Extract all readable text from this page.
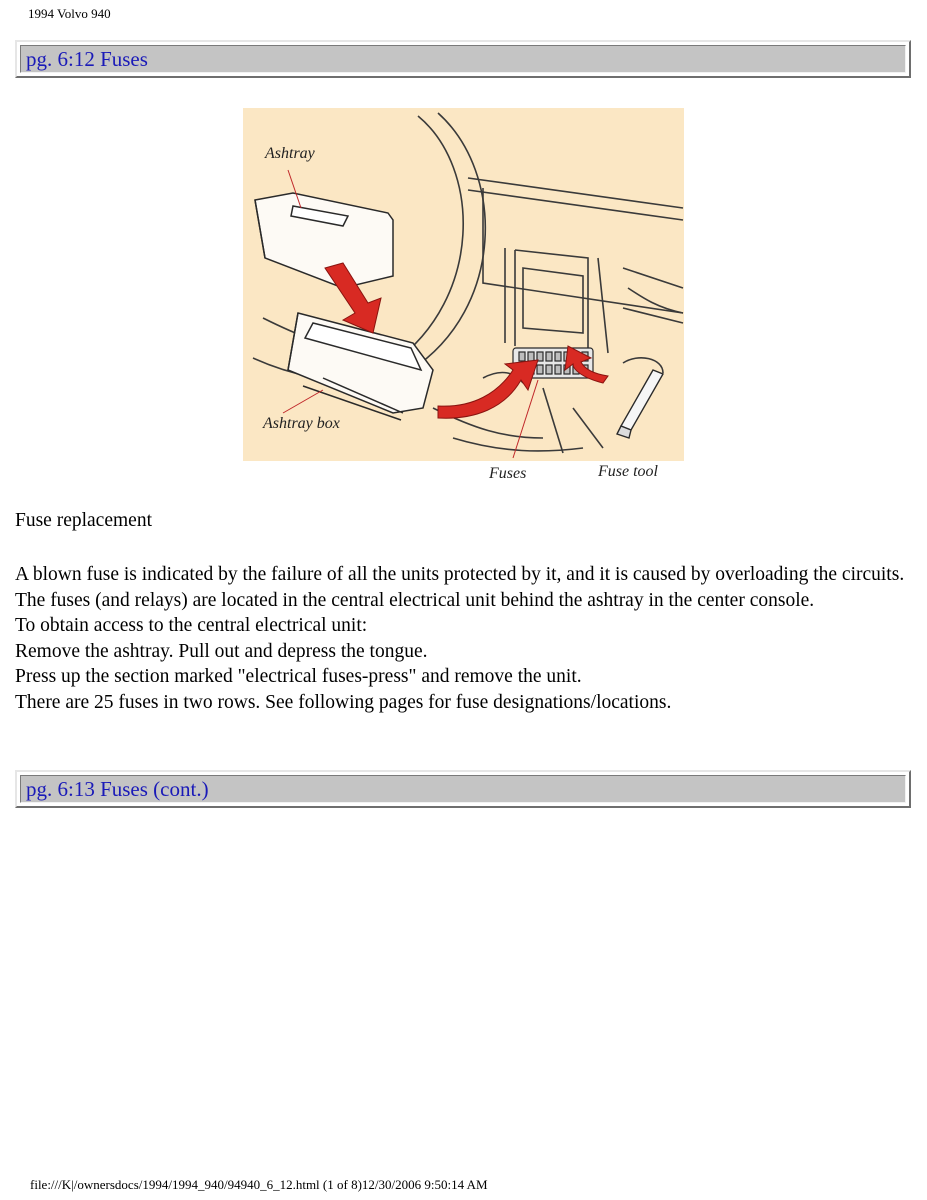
1994 Volvo 940
pg. 6:12 Fuses
Ashtray
Ashtray box
Fuses	Fuse tool
Fuse replacement

A blown fuse is indicated by the failure of all the units protected by it, and it is caused by overloading the circuits. The fuses (and relays) are located in the central electrical unit behind the ashtray in the center console.

To obtain access to the central electrical unit:

Remove the ashtray. Pull out and depress the tongue.

Press up the section marked "electrical fuses-press" and remove the unit.

There are 25 fuses in two rows. See following pages for fuse designations/locations.

pg. 6:13 Fuses (cont.)
file:///K|/ownersdocs/1994/1994_940/94940_6_12.html (1 of 8)12/30/2006 9:50:14 AM
